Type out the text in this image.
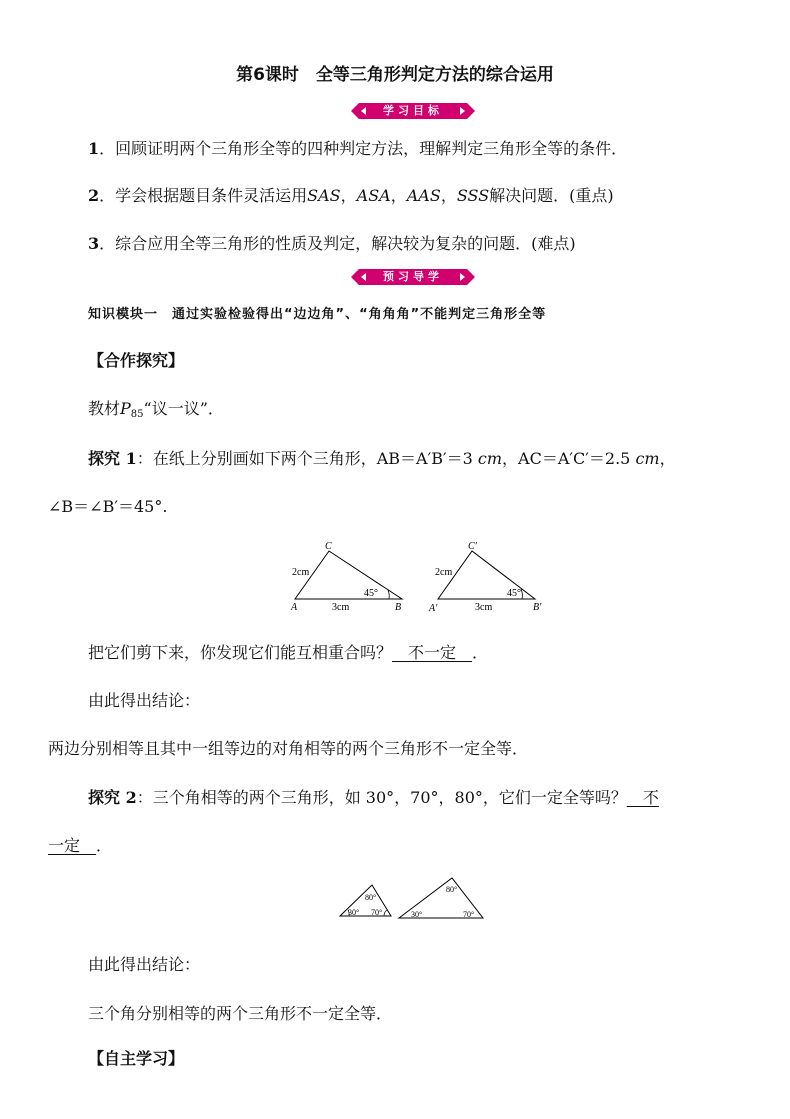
第6课时　全等三角形判定方法的综合运用
学习目标
1．回顾证明两个三角形全等的四种判定方法，理解判定三角形全等的条件．
2．学会根据题目条件灵活运用SAS，ASA，AAS，SSS解决问题．(重点)
3．综合应用全等三角形的性质及判定，解决较为复杂的问题．(难点)
预习导学
知识模块一　通过实验检验得出“边边角”、“角角角”不能判定三角形全等
【合作探究】
教材$P_{85}“$议一议”．
探究 1：在纸上分别画如下两个三角形，AB＝A′B′＝3 cm，AC＝A′C′＝2.5 cm，
∠B＝∠B′＝45°.
C
A	B
2cm
3cm
45°
C′
A′	B′
2cm
3cm
45°
把它们剪下来，你发现它们能互相重合吗？__不一定__．
由此得出结论：
两边分别相等且其中一组等边的对角相等的两个三角形不一定全等．
探究 2：三个角相等的两个三角形，如 30°，70°，80°，它们一定全等吗？__不
一定__．
80°
30° 70°
80°
30°	70°
由此得出结论：
三个角分别相等的两个三角形不一定全等．
【自主学习】
